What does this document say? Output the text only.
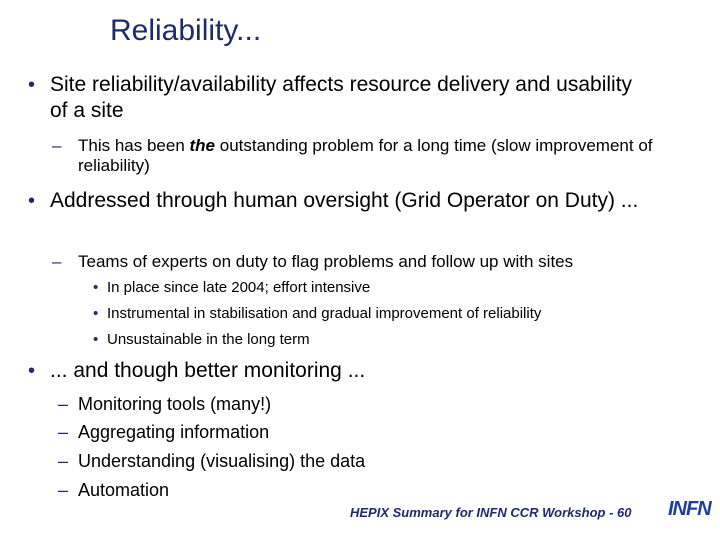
Reliability...
• Site reliability/availability affects resource delivery and usability of a site
– This has been the outstanding problem for a long time (slow improvement of reliability)
• Addressed through human oversight (Grid Operator on Duty) ...
– Teams of experts on duty to flag problems and follow up with sites
• In place since late 2004; effort intensive
• Instrumental in stabilisation and gradual improvement of reliability
• Unsustainable in the long term
• ... and though better monitoring ...
– Monitoring tools (many!)
– Aggregating information
– Understanding (visualising) the data
– Automation
HEPIX Summary for INFN CCR Workshop - 60 INFN
